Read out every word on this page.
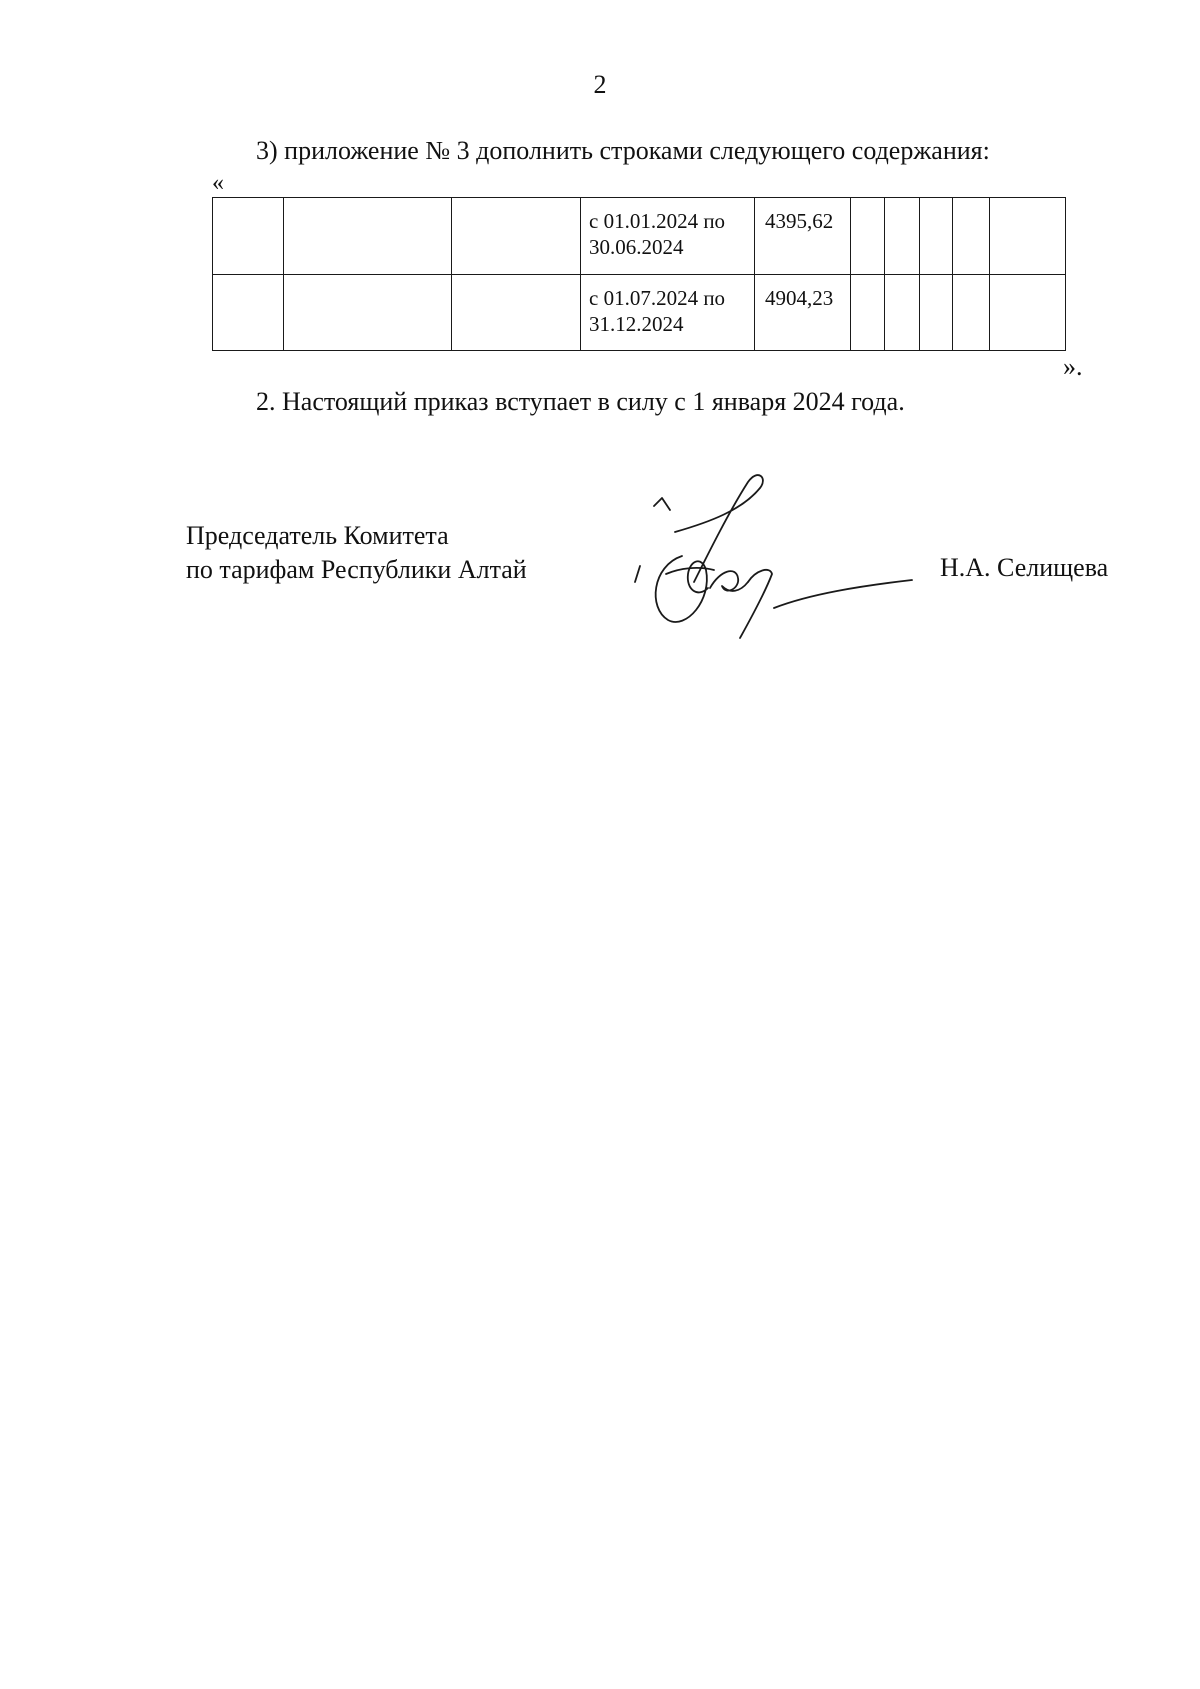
2
3) приложение № 3 дополнить строками следующего содержания:
«

			с 01.01.2024 по
30.06.2024	4395,62					

			с 01.07.2024 по
31.12.2024	4904,23					
».
2. Настоящий приказ вступает в силу с 1 января 2024 года.
Председатель Комитета
по тарифам Республики Алтай	Н.А. Селищева
